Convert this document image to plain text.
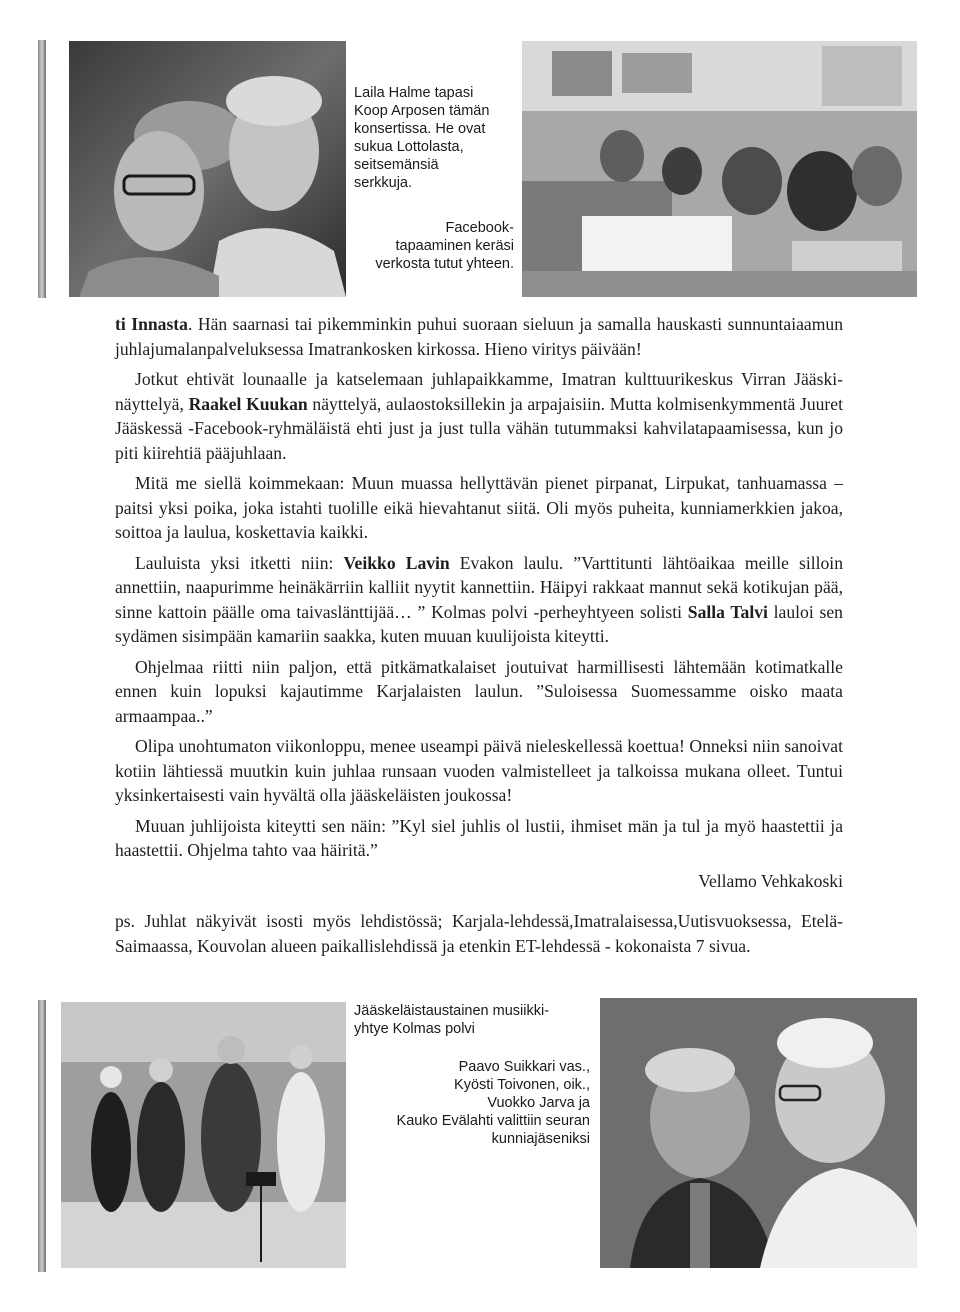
Laila Halme tapasi
Koop Arposen tämän
konsertissa. He ovat
sukua Lottolasta,
seitsemänsiä
serkkuja.
Facebook-
tapaaminen keräsi
verkosta tutut yhteen.

ti Innasta. Hän saarnasi tai pikemminkin puhui suoraan sieluun ja samalla hauskasti sunnuntaiaamun juhlajumalanpalveluksessa Imatrankosken kirkossa. Hieno viritys päivään!

Jotkut ehtivät lounaalle ja katselemaan juhlapaikkamme, Imatran kulttuurikeskus Virran Jääski-näyttelyä, Raakel Kuukan näyttelyä, aulaostoksillekin ja arpajaisiin. Mutta kolmisenkymmentä Juuret Jääskessä -Facebook-ryhmäläistä ehti just ja just tulla vähän tutummaksi kahvilatapaamisessa, kun jo piti kiirehtiä pääjuhlaan.

Mitä me siellä koimmekaan: Muun muassa hellyttävän pienet pirpanat, Lirpukat, tanhuamassa – paitsi yksi poika, joka istahti tuolille eikä hievahtanut siitä. Oli myös puheita, kunniamerkkien jakoa, soittoa ja laulua, koskettavia kaikki.

Lauluista yksi itketti niin: Veikko Lavin Evakon laulu. ”Varttitunti lähtöaikaa meille silloin annettiin, naapurimme heinäkärriin kalliit nyytit kannettiin. Häipyi rakkaat mannut sekä kotikujan pää, sinne kattoin päälle oma taivaslänttijää… ” Kolmas polvi -perheyhtyeen solisti Salla Talvi lauloi sen sydämen sisimpään kamariin saakka, kuten muuan kuulijoista kiteytti.

Ohjelmaa riitti niin paljon, että pitkämatkalaiset joutuivat harmillisesti lähtemään kotimatkalle ennen kuin lopuksi kajautimme Karjalaisten laulun. ”Suloisessa Suomessamme oisko maata armaampaa..”

Olipa unohtumaton viikonloppu, menee useampi päivä nieleskellessä koettua! Onneksi niin sanoivat kotiin lähtiessä muutkin kuin juhlaa runsaan vuoden valmistelleet ja talkoissa mukana olleet. Tuntui yksinkertaisesti vain hyvältä olla jääskeläisten joukossa!

Muuan juhlijoista kiteytti sen näin: ”Kyl siel juhlis ol lustii, ihmiset män ja tul ja myö haastettii ja haastettii. Ohjelma tahto vaa häiritä.”

Vellamo Vehkakoski

ps. Juhlat näkyivät isosti myös lehdistössä; Karjala-lehdessä,Imatralaisessa,Uutisvuoksessa, Etelä-Saimaassa, Kouvolan alueen paikallislehdissä ja etenkin ET-lehdessä - kokonaista 7 sivua.

Jääskeläistaustainen musiikki-
yhtye Kolmas polvi
Paavo Suikkari vas.,
Kyösti Toivonen, oik.,
Vuokko Jarva ja
Kauko Evälahti valittiin seuran
kunniajäseniksi
